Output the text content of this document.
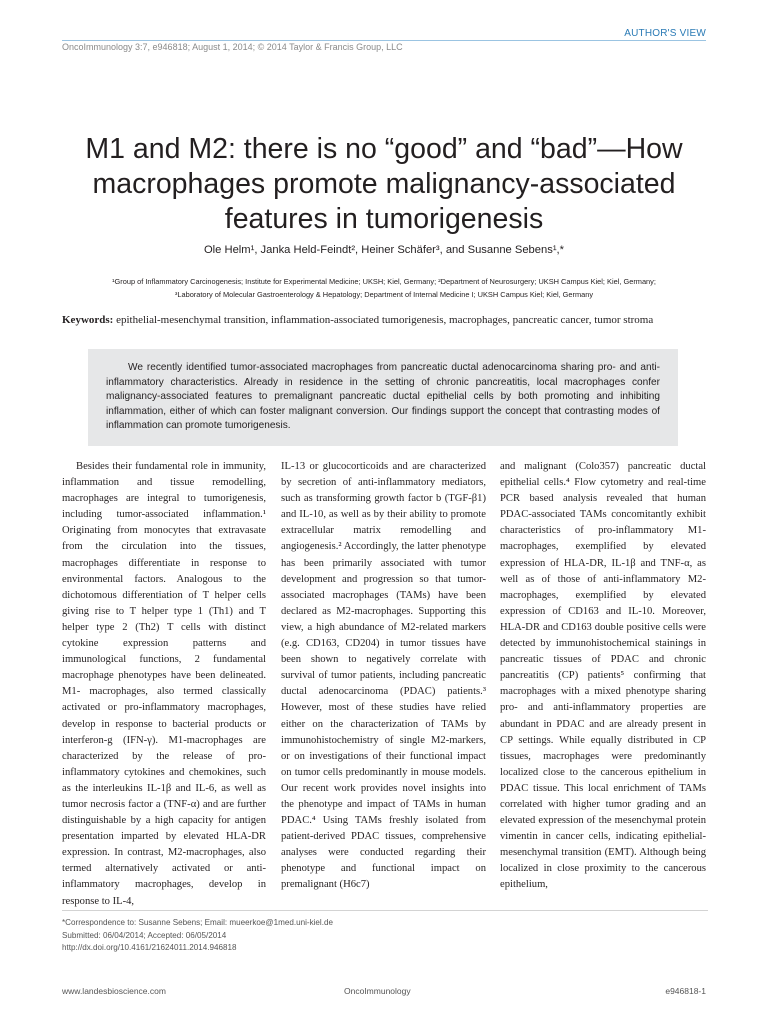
AUTHOR'S VIEW
OncoImmunology 3:7, e946818; August 1, 2014; © 2014 Taylor & Francis Group, LLC
M1 and M2: there is no “good” and “bad”—How macrophages promote malignancy-associated features in tumorigenesis
Ole Helm¹, Janka Held-Feindt², Heiner Schäfer³, and Susanne Sebens¹,*
¹Group of Inflammatory Carcinogenesis; Institute for Experimental Medicine; UKSH; Kiel, Germany; ²Department of Neurosurgery; UKSH Campus Kiel; Kiel, Germany;
³Laboratory of Molecular Gastroenterology & Hepatology; Department of Internal Medicine I; UKSH Campus Kiel; Kiel, Germany
Keywords: epithelial-mesenchymal transition, inflammation-associated tumorigenesis, macrophages, pancreatic cancer, tumor stroma

We recently identified tumor-associated macrophages from pancreatic ductal adenocarcinoma sharing pro- and anti-inflammatory characteristics. Already in residence in the setting of chronic pancreatitis, local macrophages confer malignancy-associated features to premalignant pancreatic ductal epithelial cells by both promoting and inhibiting inflammation, either of which can foster malignant conversion. Our findings support the concept that contrasting modes of inflammation can promote tumorigenesis.

Besides their fundamental role in immunity, inflammation and tissue remodelling, macrophages are integral to tumorigenesis, including tumor-associated inflammation.¹ Originating from monocytes that extravasate from the circulation into the tissues, macrophages differentiate in response to environmental factors. Analogous to the dichotomous differentiation of T helper cells giving rise to T helper type 1 (Th1) and T helper type 2 (Th2) T cells with distinct cytokine expression patterns and immunological functions, 2 fundamental macrophage phenotypes have been delineated. M1- macrophages, also termed classically activated or pro-inflammatory macrophages, develop in response to bacterial products or interferon-g (IFN-γ). M1-macrophages are characterized by the release of pro-inflammatory cytokines and chemokines, such as the interleukins IL-1β and IL-6, as well as tumor necrosis factor a (TNF-α) and are further distinguishable by a high capacity for antigen presentation imparted by elevated HLA-DR expression. In contrast, M2-macrophages, also termed alternatively activated or anti-inflammatory macrophages, develop in response to IL-4,

IL-13 or glucocorticoids and are characterized by secretion of anti-inflammatory mediators, such as transforming growth factor b (TGF-β1) and IL-10, as well as by their ability to promote extracellular matrix remodelling and angiogenesis.² Accordingly, the latter phenotype has been primarily associated with tumor development and progression so that tumor-associated macrophages (TAMs) have been declared as M2-macrophages. Supporting this view, a high abundance of M2-related markers (e.g. CD163, CD204) in tumor tissues have been shown to negatively correlate with survival of tumor patients, including pancreatic ductal adenocarcinoma (PDAC) patients.³ However, most of these studies have relied either on the characterization of TAMs by immunohistochemistry of single M2-markers, or on investigations of their functional impact on tumor cells predominantly in mouse models. Our recent work provides novel insights into the phenotype and impact of TAMs in human PDAC.⁴ Using TAMs freshly isolated from patient-derived PDAC tissues, comprehensive analyses were conducted regarding their phenotype and functional impact on premalignant (H6c7)

and malignant (Colo357) pancreatic ductal epithelial cells.⁴ Flow cytometry and real-time PCR based analysis revealed that human PDAC-associated TAMs concomitantly exhibit characteristics of pro-inflammatory M1-macrophages, exemplified by elevated expression of HLA-DR, IL-1β and TNF-α, as well as of those of anti-inflammatory M2-macrophages, exemplified by elevated expression of CD163 and IL-10. Moreover, HLA-DR and CD163 double positive cells were detected by immunohistochemical stainings in pancreatic tissues of PDAC and chronic pancreatitis (CP) patients⁵ confirming that macrophages with a mixed phenotype sharing pro- and anti-inflammatory properties are abundant in PDAC and are already present in CP settings. While equally distributed in CP tissues, macrophages were predominantly localized close to the cancerous epithelium in PDAC tissue. This local enrichment of TAMs correlated with higher tumor grading and an elevated expression of the mesenchymal protein vimentin in cancer cells, indicating epithelial-mesenchymal transition (EMT). Although being localized in close proximity to the cancerous epithelium,

*Correspondence to: Susanne Sebens; Email: mueerkoe@1med.uni-kiel.de
Submitted: 06/04/2014; Accepted: 06/05/2014
http://dx.doi.org/10.4161/21624011.2014.946818
www.landesbioscience.com	OncoImmunology	e946818-1
